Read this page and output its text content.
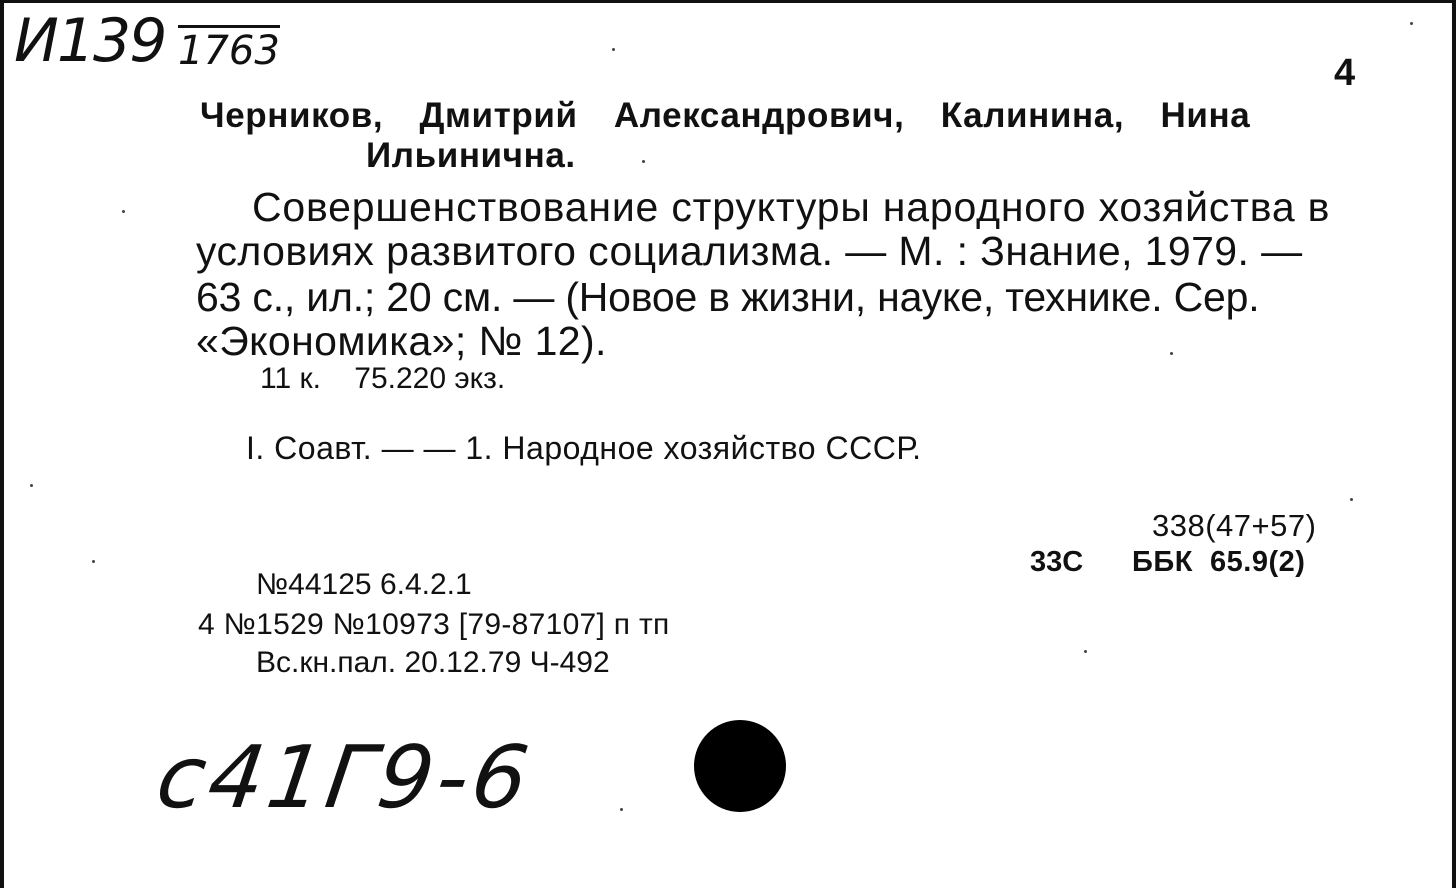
И139 1763	4
Черников, Дмитрий Александрович, Калинина, Нина
Ильинична.
Совершенствование структуры народного хозяйства в
условиях развитого социализма. — М. : Знание, 1979. —
63 с., ил.; 20 см. — (Новое в жизни, науке, технике. Сер.
«Экономика»; № 12).
11 к.    75.220 экз.
I. Соавт. — — 1. Народное хозяйство СССР.
338(47+57)
33С ББК  65.9(2)
№44125 6.4.2.1
4 №1529 №10973 [79-87107] п тп
Вс.кн.пал. 20.12.79 Ч-492
с41Г9-6
